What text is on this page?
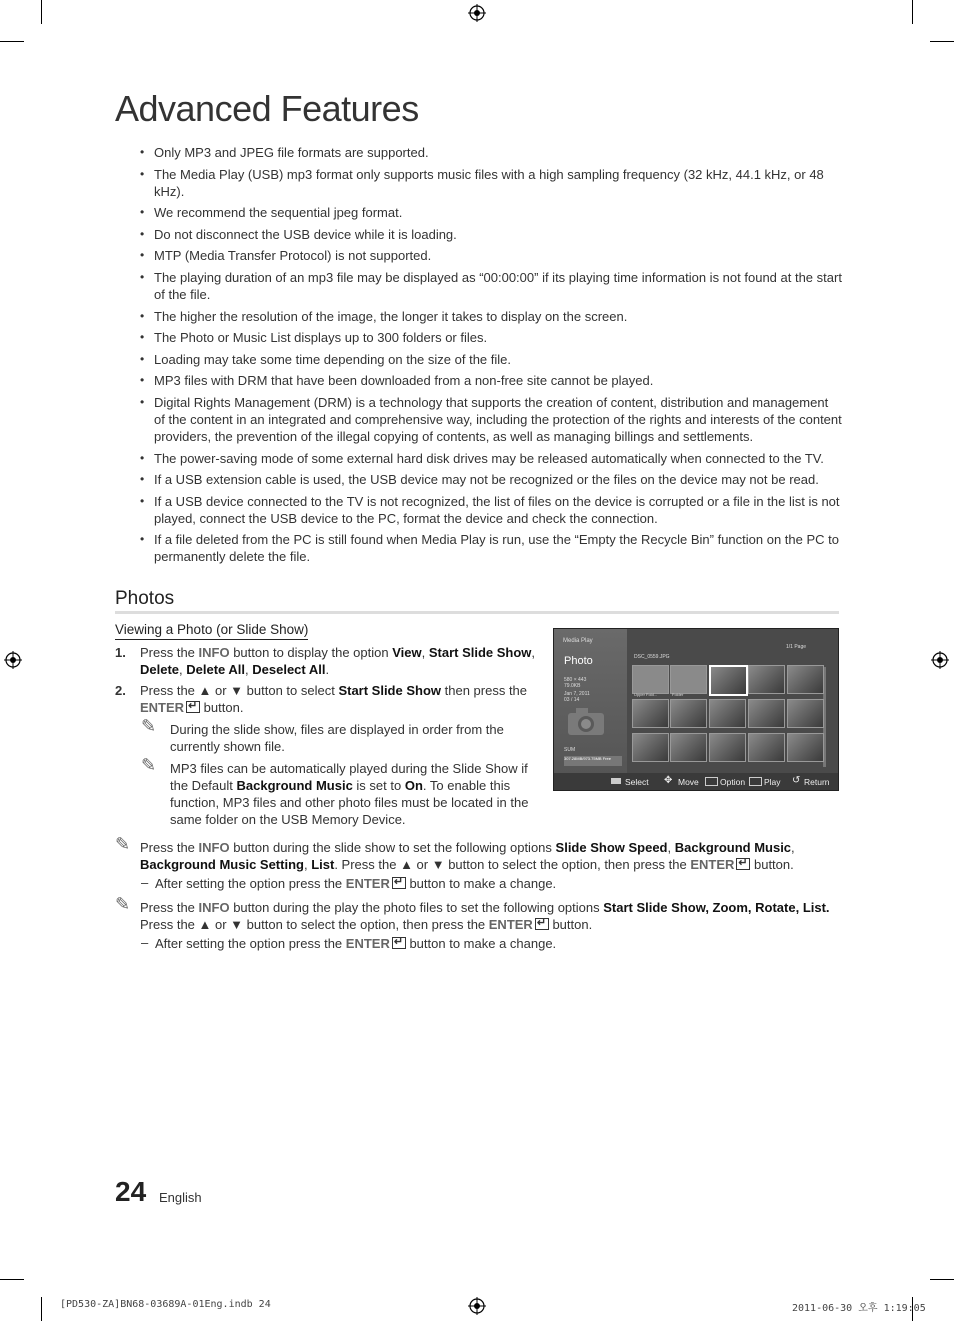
Advanced Features
• Only MP3 and JPEG file formats are supported.
• The Media Play (USB) mp3 format only supports music files with a high sampling frequency (32 kHz, 44.1 kHz, or 48 kHz).
• We recommend the sequential jpeg format.
• Do not disconnect the USB device while it is loading.
• MTP (Media Transfer Protocol) is not supported.
• The playing duration of an mp3 file may be displayed as “00:00:00” if its playing time information is not found at the start of the file.
• The higher the resolution of the image, the longer it takes to display on the screen.
• The Photo or Music List displays up to 300 folders or files.
• Loading may take some time depending on the size of the file.
• MP3 files with DRM that have been downloaded from a non-free site cannot be played.
• Digital Rights Management (DRM) is a technology that supports the creation of content, distribution and management of the content in an integrated and comprehensive way, including the protection of the rights and interests of the content providers, the prevention of the illegal copying of contents, as well as managing billings and settlements.
• The power-saving mode of some external hard disk drives may be released automatically when connected to the TV.
• If a USB extension cable is used, the USB device may not be recognized or the files on the device may not be read.
• If a USB device connected to the TV is not recognized, the list of files on the device is corrupted or a file in the list is not played, connect the USB device to the PC, format the device and check the connection.
• If a file deleted from the PC is still found when Media Play is run, use the “Empty the Recycle Bin” function on the PC to permanently delete the file.
Photos
Viewing a Photo (or Slide Show)
1. Press the INFO button to display the option View, Start Slide Show, Delete, Delete All, Deselect All.
2. Press the ▲ or ▼ button to select Start Slide Show then press the ENTER↵ button.
✎ During the slide show, files are displayed in order from the currently shown file.
✎ MP3 files can be automatically played during the Slide Show if the Default Background Music is set to On. To enable this function, MP3 files and other photo files must be located in the same folder on the USB Memory Device.
✎ Press the INFO button during the slide show to set the following options Slide Show Speed, Background Music, Background Music Setting, List. Press the ▲ or ▼ button to select the option, then press the ENTER↵ button.
– After setting the option press the ENTER↵ button to make a change.
✎ Press the INFO button during the play the photo files to set the following options Start Slide Show, Zoom, Rotate, List. Press the ▲ or ▼ button to select the option, then press the ENTER↵ button.
– After setting the option press the ENTER↵ button to make a change.
Media Play
Photo
580 × 443
79.0KB
Jan 7, 2011
03 / 14
SUM
307.28MB/973.75MB Free
DSC_0559.JPG
1/1 Page
Upper Fold...	Folder
Select ✥ Move Option Play ↺ Return
24 English
[PD530-ZA]BN68-03689A-01Eng.indb 24	2011-06-30 오후 1:19:05
